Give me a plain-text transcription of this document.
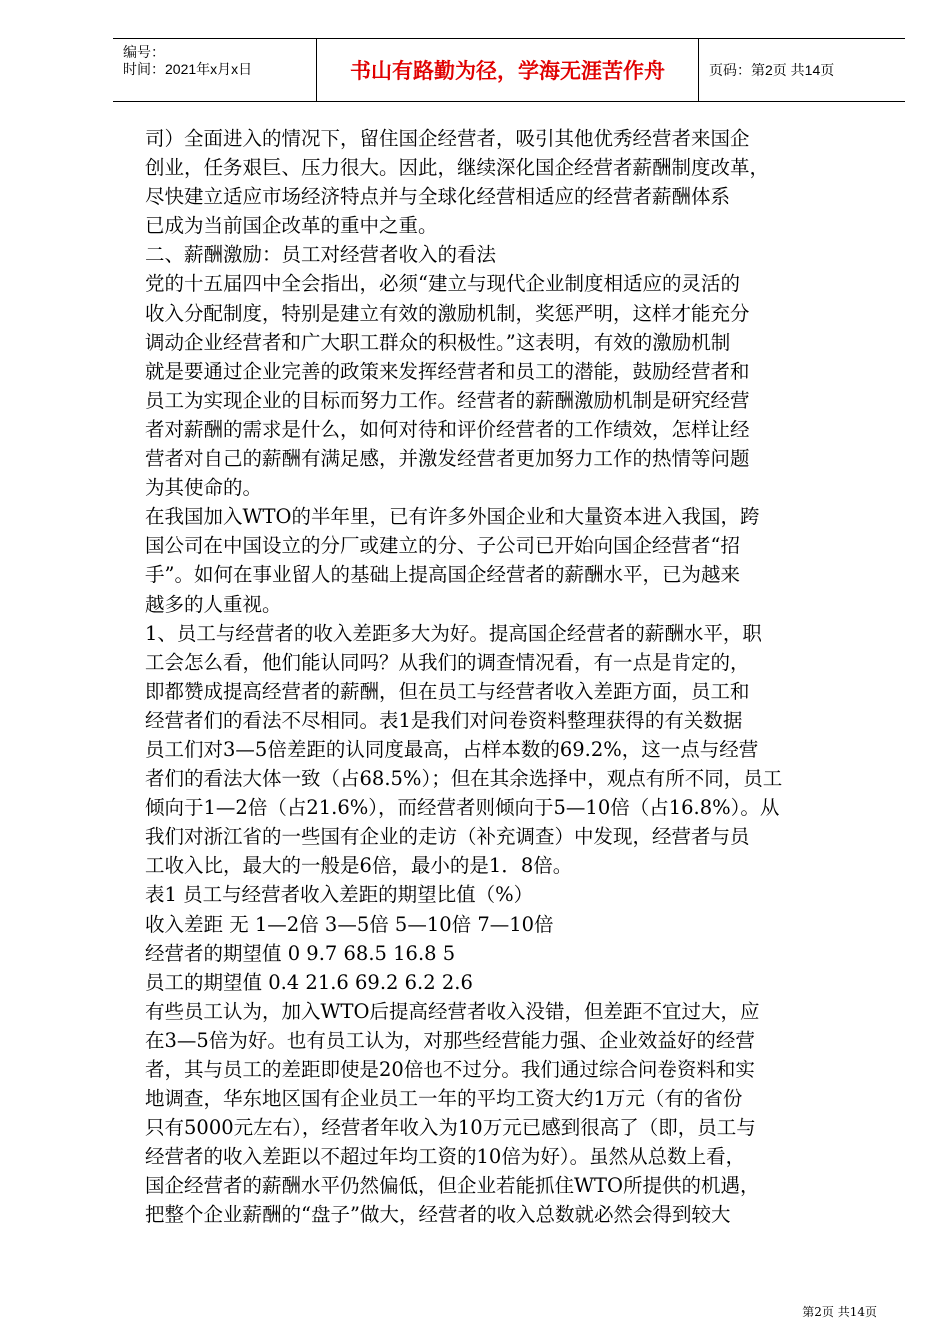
编号：
时间：2021年x月x日	书山有路勤为径，学海无涯苦作舟	页码：第2页 共14页

司）全面进入的情况下，留住国企经营者，吸引其他优秀经营者来国企

创业，任务艰巨、压力很大。因此，继续深化国企经营者薪酬制度改革，

尽快建立适应市场经济特点并与全球化经营相适应的经营者薪酬体系

已成为当前国企改革的重中之重。

二、薪酬激励：员工对经营者收入的看法

党的十五届四中全会指出，必须“建立与现代企业制度相适应的灵活的

收入分配制度，特别是建立有效的激励机制，奖惩严明，这样才能充分

调动企业经营者和广大职工群众的积极性。”这表明，有效的激励机制

就是要通过企业完善的政策来发挥经营者和员工的潜能，鼓励经营者和

员工为实现企业的目标而努力工作。经营者的薪酬激励机制是研究经营

者对薪酬的需求是什么，如何对待和评价经营者的工作绩效，怎样让经

营者对自己的薪酬有满足感，并激发经营者更加努力工作的热情等问题

为其使命的。

在我国加入WTO的半年里，已有许多外国企业和大量资本进入我国，跨

国公司在中国设立的分厂或建立的分、子公司已开始向国企经营者“招

手”。如何在事业留人的基础上提高国企经营者的薪酬水平，已为越来

越多的人重视。

1、员工与经营者的收入差距多大为好。提高国企经营者的薪酬水平，职

工会怎么看，他们能认同吗？从我们的调查情况看，有一点是肯定的，

即都赞成提高经营者的薪酬，但在员工与经营者收入差距方面，员工和

经营者们的看法不尽相同。表1是我们对问卷资料整理获得的有关数据

员工们对3—5倍差距的认同度最高，占样本数的69.2%，这一点与经营

者们的看法大体一致（占68.5%）；但在其余选择中，观点有所不同，员工

倾向于1—2倍（占21.6%），而经营者则倾向于5—10倍（占16.8%）。从

我们对浙江省的一些国有企业的走访（补充调查）中发现，经营者与员

工收入比，最大的一般是6倍，最小的是1．8倍。

表1 员工与经营者收入差距的期望比值（%）

收入差距 无 1—2倍 3—5倍 5—10倍 7—10倍

经营者的期望值 0 9.7 68.5 16.8 5

员工的期望值 0.4 21.6 69.2 6.2 2.6

有些员工认为，加入WTO后提高经营者收入没错，但差距不宜过大，应

在3—5倍为好。也有员工认为，对那些经营能力强、企业效益好的经营

者，其与员工的差距即使是20倍也不过分。我们通过综合问卷资料和实

地调查，华东地区国有企业员工一年的平均工资大约1万元（有的省份

只有5000元左右），经营者年收入为10万元已感到很高了（即，员工与

经营者的收入差距以不超过年均工资的10倍为好）。虽然从总数上看，

国企经营者的薪酬水平仍然偏低，但企业若能抓住WTO所提供的机遇，

把整个企业薪酬的“盘子”做大，经营者的收入总数就必然会得到较大

第2页 共14页
